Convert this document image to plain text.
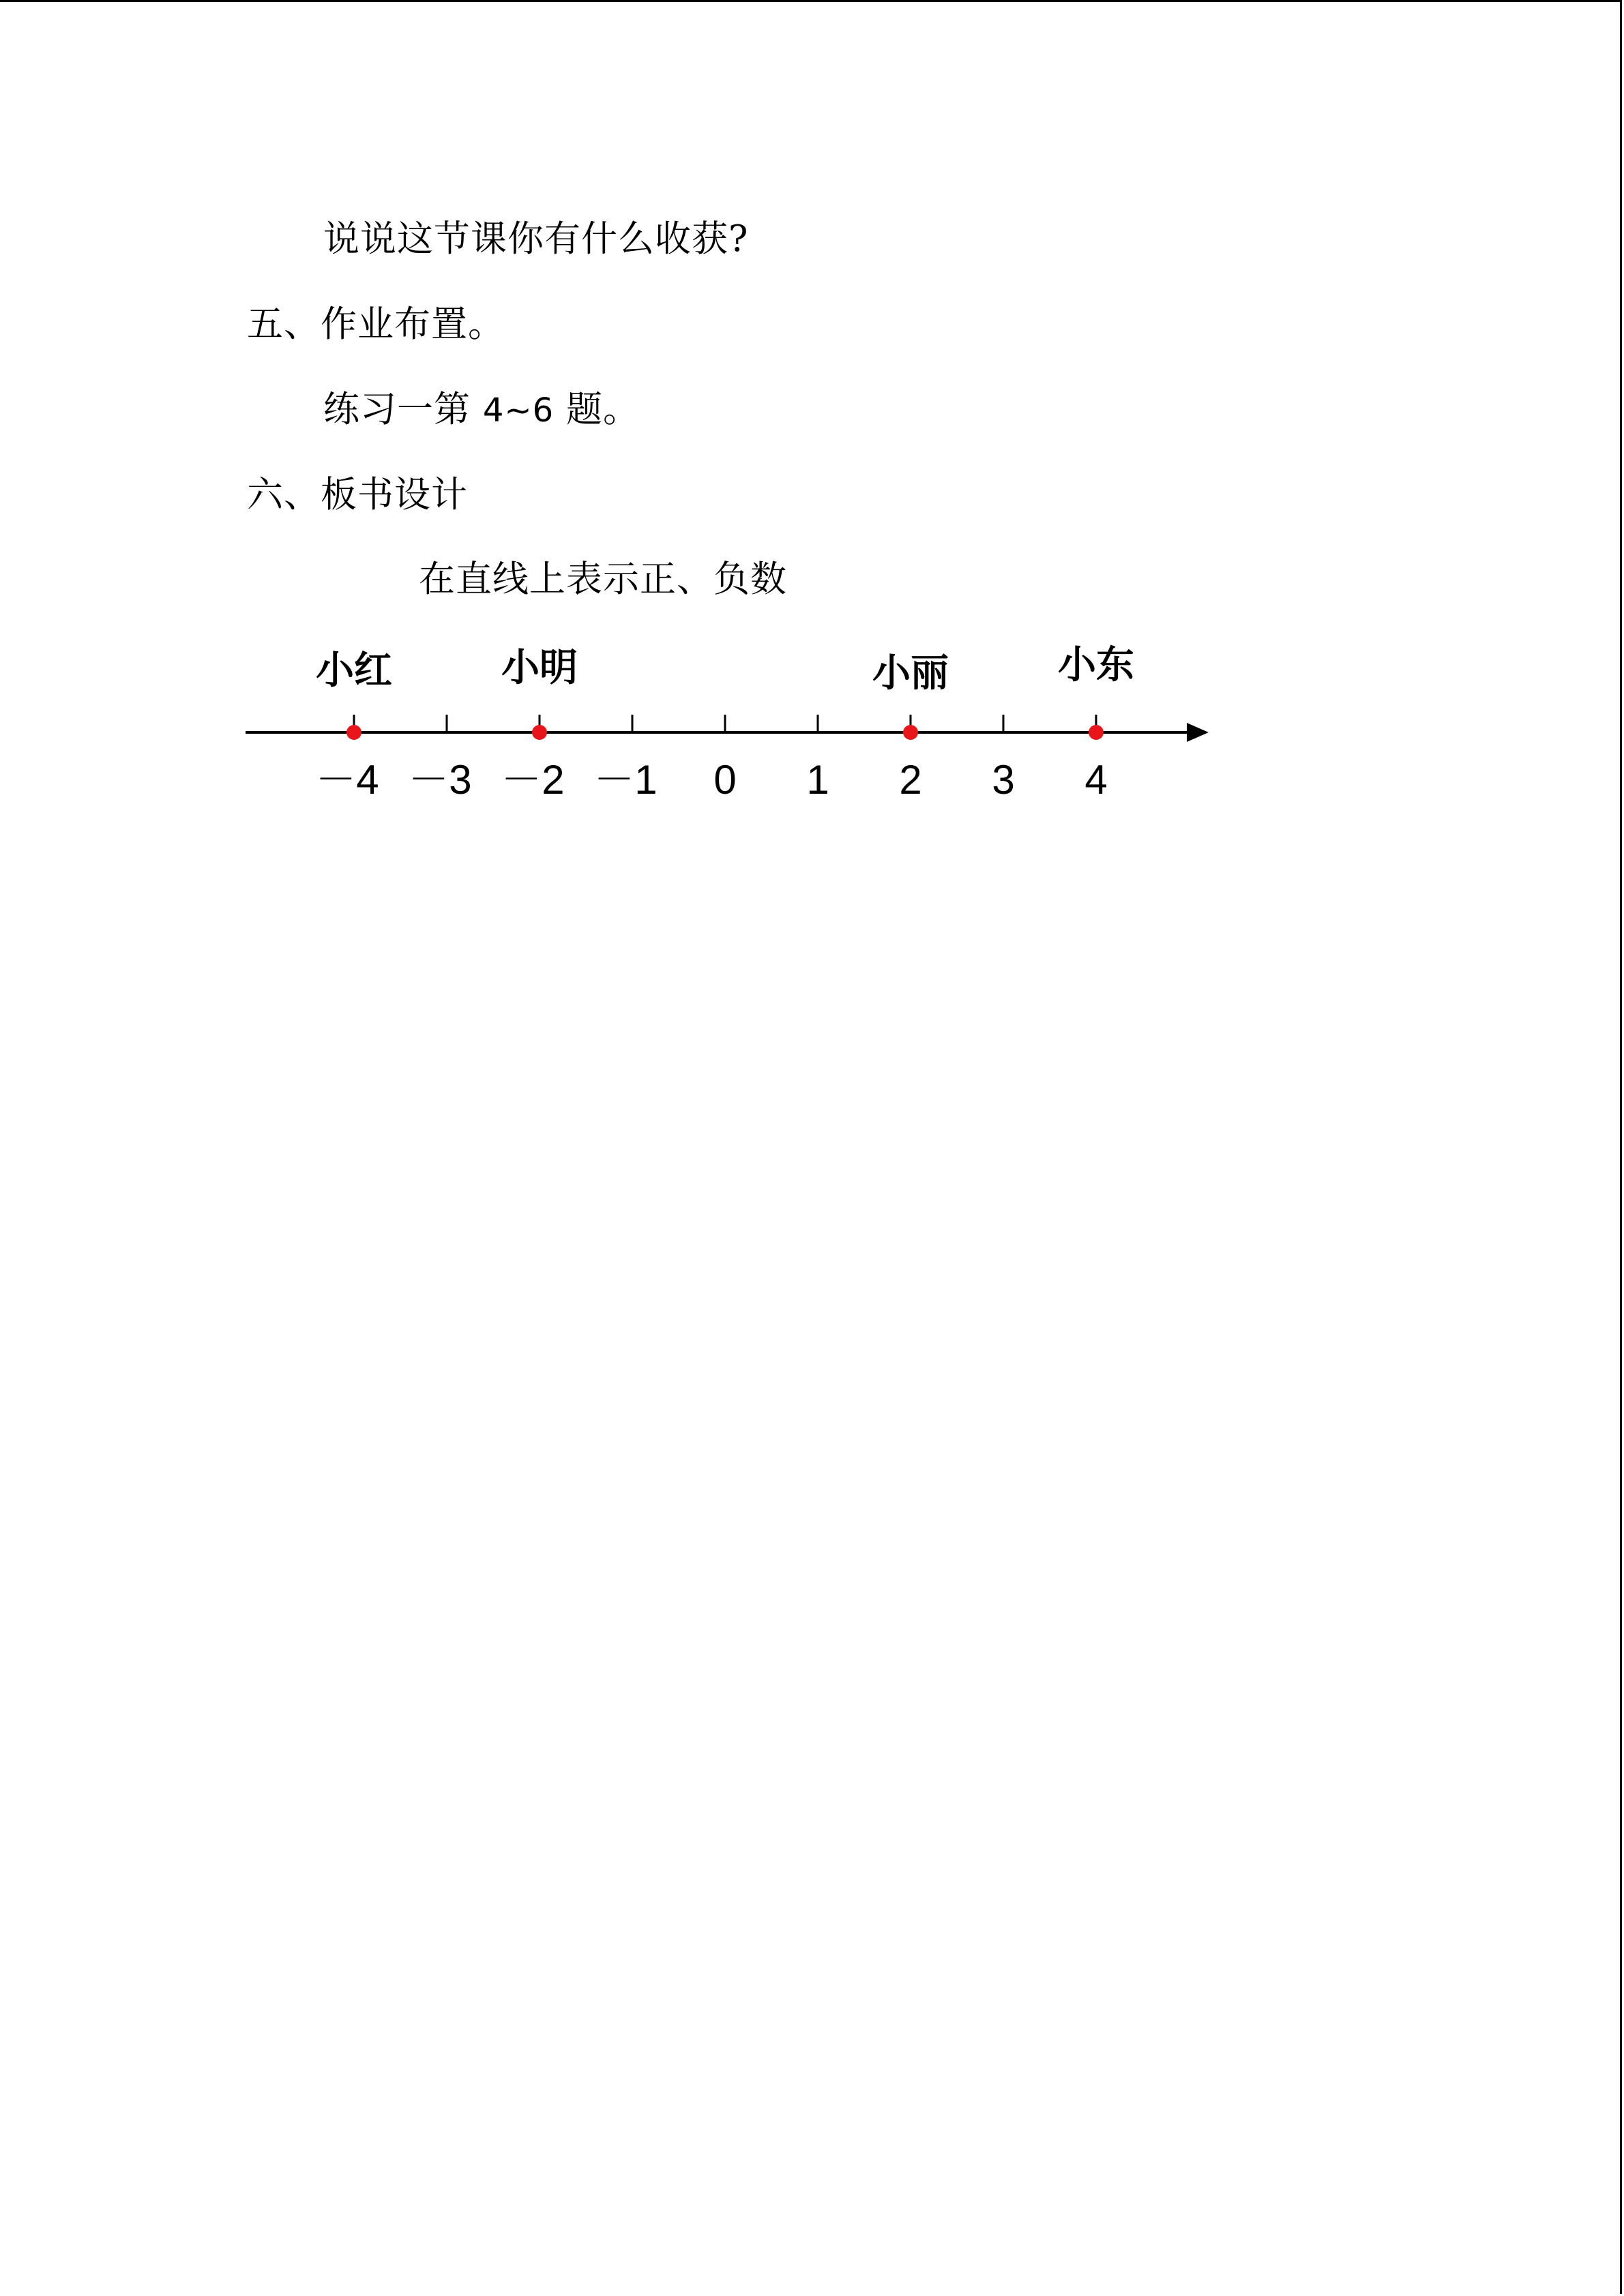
说说这节课你有什么收获?
五、作业布置。
练习一第 4~6 题。
六、板书设计
在直线上表示正、负数
－4 －3 －2 －1 0 1 2 3 4
小红	小明	小丽	小东
